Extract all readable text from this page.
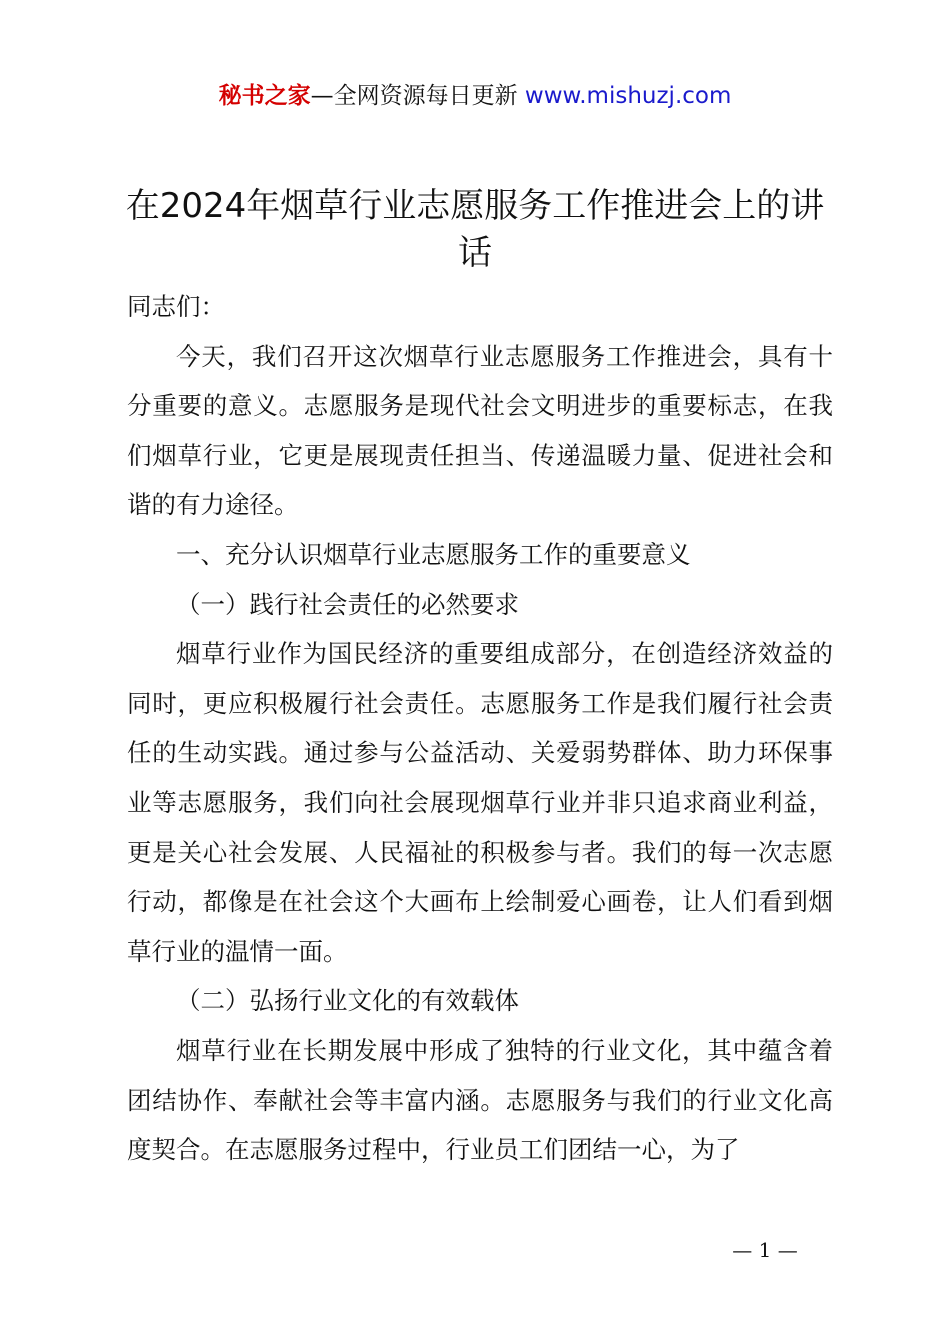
秘书之家—全网资源每日更新 www.mishuzj.com
在2024年烟草行业志愿服务工作推进会上的讲话

同志们：

今天，我们召开这次烟草行业志愿服务工作推进会，具有十分重要的意义。志愿服务是现代社会文明进步的重要标志，在我们烟草行业，它更是展现责任担当、传递温暖力量、促进社会和谐的有力途径。

一、充分认识烟草行业志愿服务工作的重要意义

（一）践行社会责任的必然要求

烟草行业作为国民经济的重要组成部分，在创造经济效益的同时，更应积极履行社会责任。志愿服务工作是我们履行社会责任的生动实践。通过参与公益活动、关爱弱势群体、助力环保事业等志愿服务，我们向社会展现烟草行业并非只追求商业利益，更是关心社会发展、人民福祉的积极参与者。我们的每一次志愿行动，都像是在社会这个大画布上绘制爱心画卷，让人们看到烟草行业的温情一面。

（二）弘扬行业文化的有效载体

烟草行业在长期发展中形成了独特的行业文化，其中蕴含着团结协作、奉献社会等丰富内涵。志愿服务与我们的行业文化高度契合。在志愿服务过程中，行业员工们团结一心，为了

— 1 —
